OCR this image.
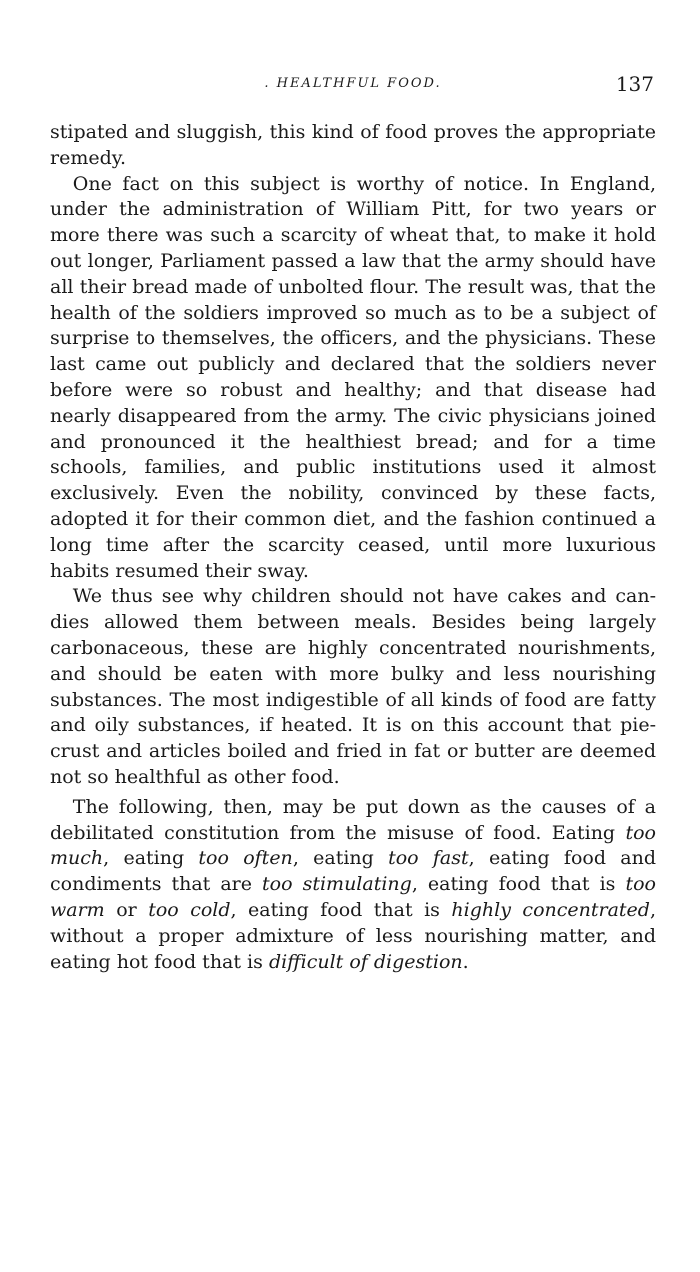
. HEALTHFUL FOOD.	137

stipated and sluggish, this kind of food proves the appropriate remedy.

One fact on this subject is worthy of notice. In England, under the administration of William Pitt, for two years or more there was such a scarcity of wheat that, to make it hold out longer, Parliament passed a law that the army should have all their bread made of unbolted flour. The result was, that the health of the soldiers improved so much as to be a subject of surprise to themselves, the officers, and the physicians. These last came out publicly and declared that the soldiers never before were so robust and healthy; and that disease had nearly disappeared from the army. The civic physicians joined and pronounced it the healthiest bread; and for a time schools, families, and public institutions used it almost exclusively. Even the nobility, convinced by these facts, adopted it for their common diet, and the fashion continued a long time after the scarcity ceased, until more luxurious habits resumed their sway.

We thus see why children should not have cakes and candies allowed them between meals. Besides being largely carbonaceous, these are highly concentrated nourishments, and should be eaten with more bulky and less nourishing substances. The most indigestible of all kinds of food are fatty and oily substances, if heated. It is on this account that pie-crust and articles boiled and fried in fat or butter are deemed not so healthful as other food.

The following, then, may be put down as the causes of a debilitated constitution from the misuse of food. Eating too much, eating too often, eating too fast, eating food and condiments that are too stimulating, eating food that is too warm or too cold, eating food that is highly concentrated, without a proper admixture of less nourishing matter, and eating hot food that is difficult of digestion.
